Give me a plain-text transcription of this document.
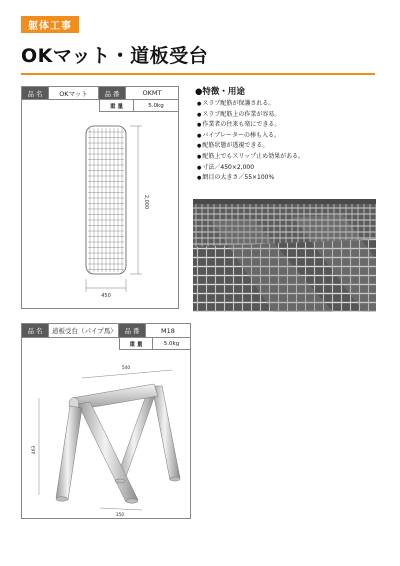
躯体工事
OKマット・道板受台
品 名	OKマット	品 番	OKMT
重 量	5.0kg
450
2,000
●特徴・用途
● スラブ配筋が保護される。
● スラブ配筋上の作業が容易。
● 作業者の往来も楽にできる。
● バイブレーターの棒も入る。
● 配筋状態が透視できる。
● 配筋上でもスリップ止め効果がある。
● 寸法／450×2,000
● 網目の大きさ／55×100%
品 名	道板受台（パイプ馬）	品 番	M18
重 量	5.0kg
540
463
350
